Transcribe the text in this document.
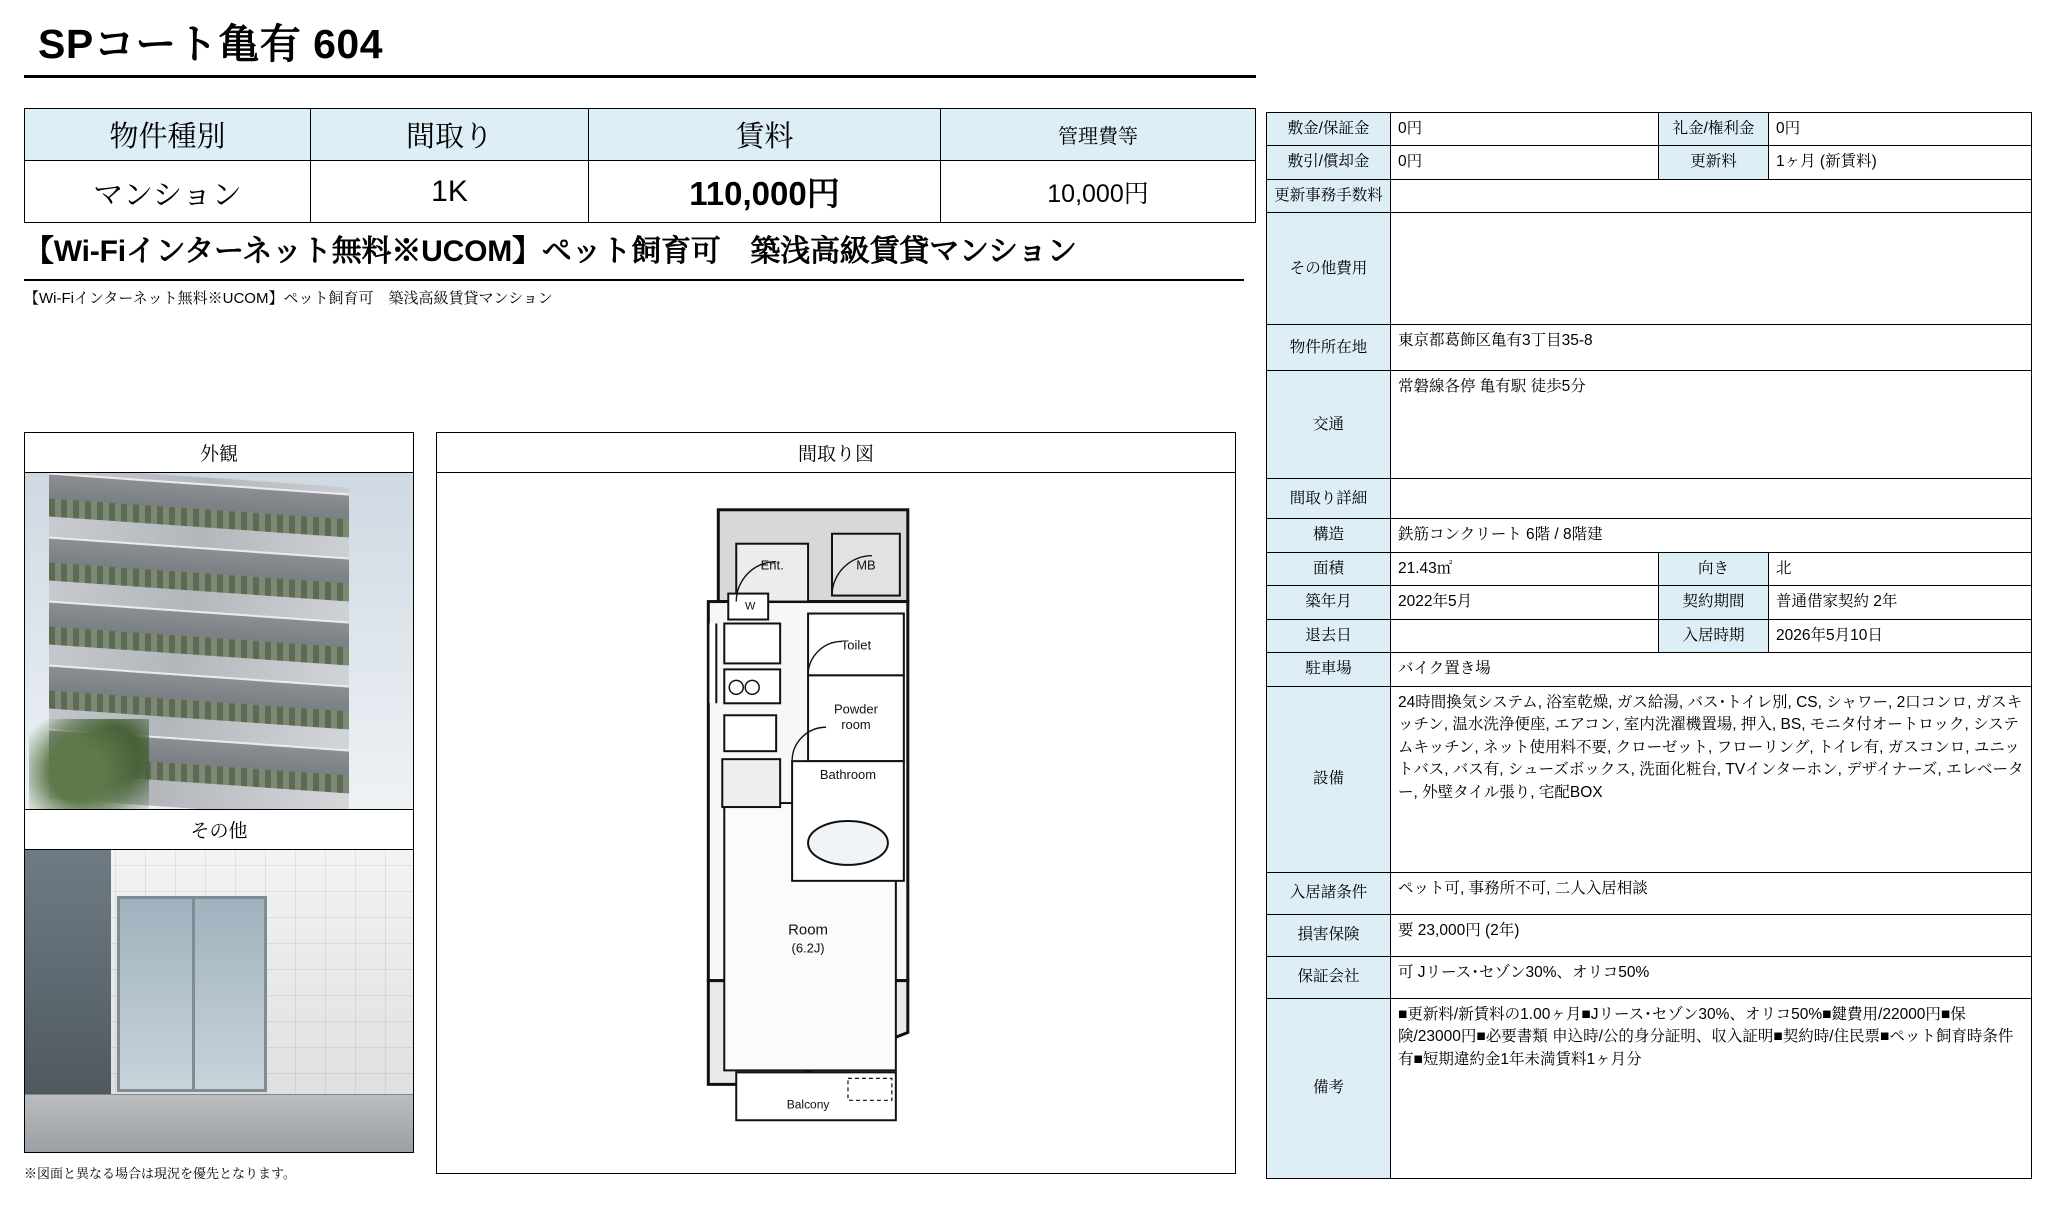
SPコート亀有 604
物件種別	間取り	賃料	管理費等
マンション	1K	110,000円	10,000円
【Wi-Fiインターネット無料※UCOM】ペット飼育可　築浅高級賃貸マンション
【Wi-Fiインターネット無料※UCOM】ペット飼育可　築浅高級賃貸マンション
外観
その他
※図面と異なる場合は現況を優先となります。
間取り図
Ent.	MB
Toilet
Powder
room
Bathroom
W
Room
(6.2J)
Balcony
敷金/保証金	0円	礼金/権利金	0円
敷引/償却金	0円	更新料	1ヶ月 (新賃料)
更新事務手数料			
その他費用			
物件所在地	東京都葛飾区亀有3丁目35-8		
交通	常磐線各停 亀有駅 徒歩5分		
間取り詳細			
構造	鉄筋コンクリート 6階 / 8階建		
面積	21.43㎡	向き	北
築年月	2022年5月	契約期間	普通借家契約 2年
退去日		入居時期	2026年5月10日
駐車場	バイク置き場		
設備	24時間換気システム, 浴室乾燥, ガス給湯, バス･トイレ別, CS, シャワー, 2口コンロ, ガスキッチン, 温水洗浄便座, エアコン, 室内洗濯機置場, 押入, BS, モニタ付オートロック, システムキッチン, ネット使用料不要, クローゼット, フローリング, トイレ有, ガスコンロ, ユニットバス, バス有, シューズボックス, 洗面化粧台, TVインターホン, デザイナーズ, エレベーター, 外壁タイル張り, 宅配BOX		
入居諸条件	ペット可, 事務所不可, 二人入居相談		
損害保険	要 23,000円 (2年)		
保証会社	可 Jリース･セゾン30%、オリコ50%		
備考	■更新料/新賃料の1.00ヶ月■Jリース･セゾン30%、オリコ50%■鍵費用/22000円■保険/23000円■必要書類 申込時/公的身分証明、収入証明■契約時/住民票■ペット飼育時条件有■短期違約金1年未満賃料1ヶ月分		
